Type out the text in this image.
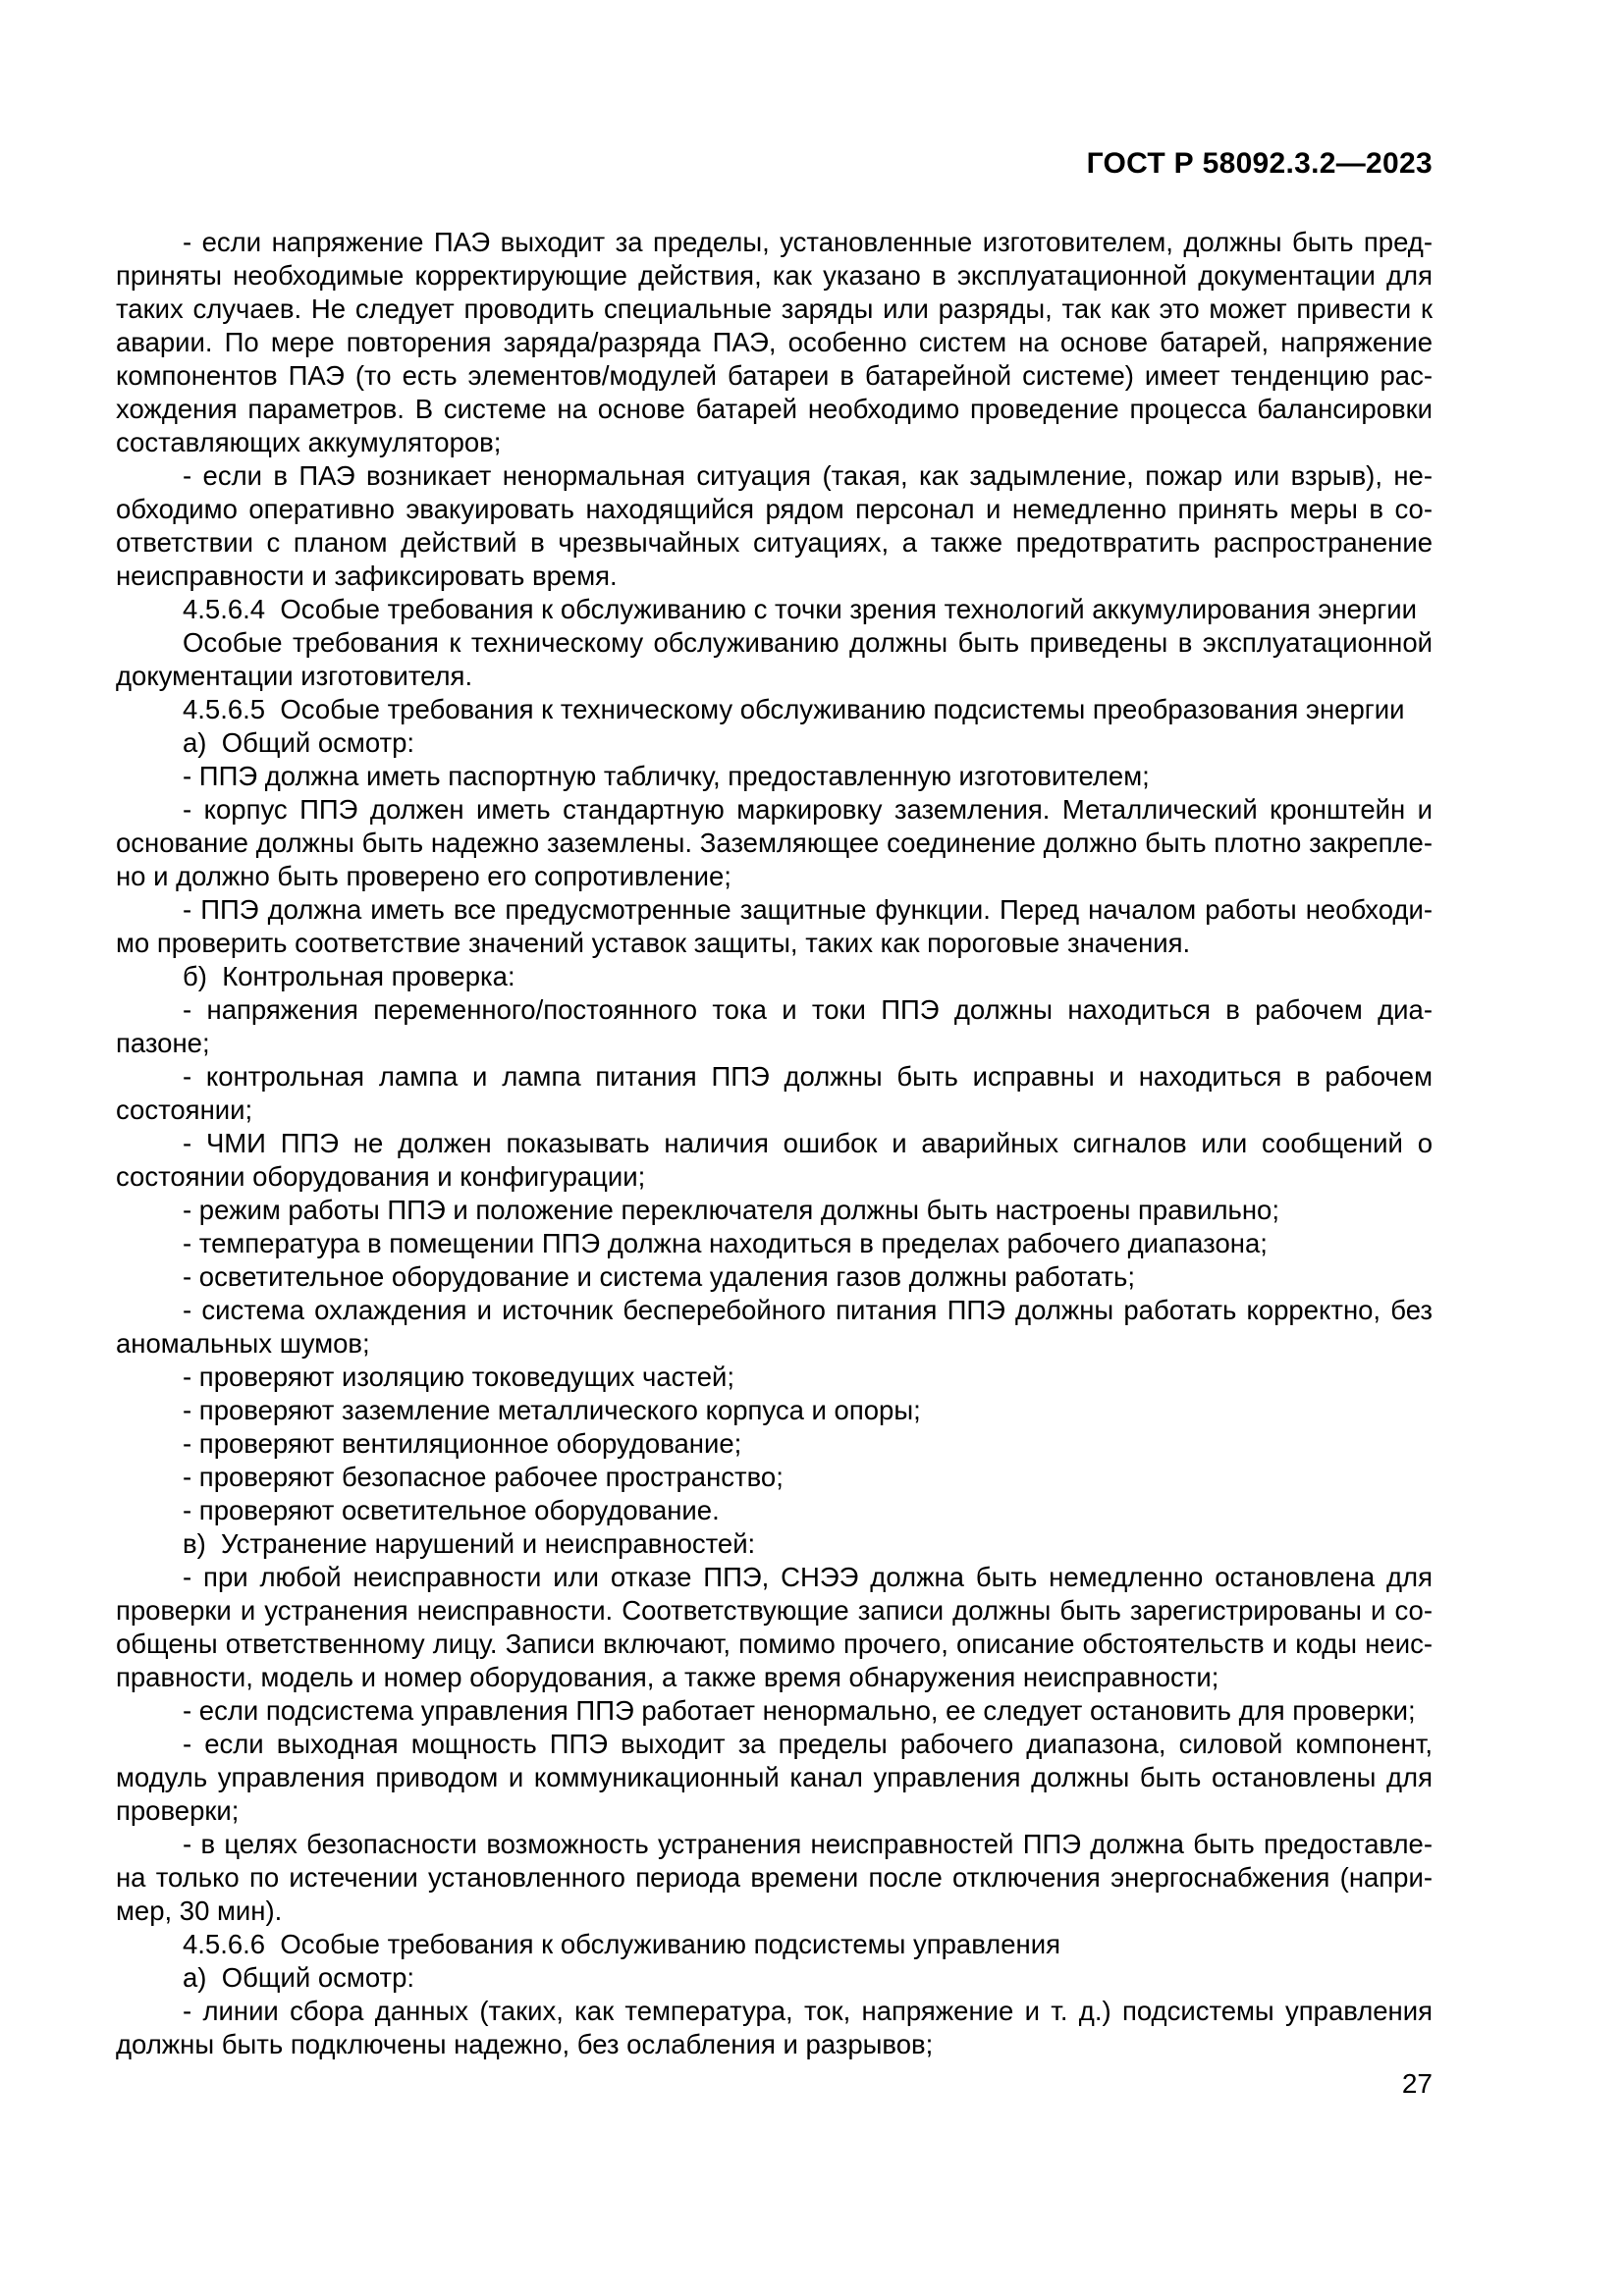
ГОСТ Р 58092.3.2—2023
- если напряжение ПАЭ выходит за пределы, установленные изготовителем, должны быть пред-
приняты необходимые корректирующие действия, как указано в эксплуатационной документации для
таких случаев. Не следует проводить специальные заряды или разряды, так как это может привести к
аварии. По мере повторения заряда/разряда ПАЭ, особенно систем на основе батарей, напряжение
компонентов ПАЭ (то есть элементов/модулей батареи в батарейной системе) имеет тенденцию рас-
хождения параметров. В системе на основе батарей необходимо проведение процесса балансировки
составляющих аккумуляторов;
- если в ПАЭ возникает ненормальная ситуация (такая, как задымление, пожар или взрыв), не-
обходимо оперативно эвакуировать находящийся рядом персонал и немедленно принять меры в со-
ответствии с планом действий в чрезвычайных ситуациях, а также предотвратить распространение
неисправности и зафиксировать время.
4.5.6.4  Особые требования к обслуживанию с точки зрения технологий аккумулирования энергии
Особые требования к техническому обслуживанию должны быть приведены в эксплуатационной
документации изготовителя.
4.5.6.5  Особые требования к техническому обслуживанию подсистемы преобразования энергии
а)  Общий осмотр:
- ППЭ должна иметь паспортную табличку, предоставленную изготовителем;
- корпус ППЭ должен иметь стандартную маркировку заземления. Металлический кронштейн и
основание должны быть надежно заземлены. Заземляющее соединение должно быть плотно закрепле-
но и должно быть проверено его сопротивление;
- ППЭ должна иметь все предусмотренные защитные функции. Перед началом работы необходи-
мо проверить соответствие значений уставок защиты, таких как пороговые значения.
б)  Контрольная проверка:
- напряжения переменного/постоянного тока и токи ППЭ должны находиться в рабочем диа-
пазоне;
- контрольная лампа и лампа питания ППЭ должны быть исправны и находиться в рабочем
состоянии;
- ЧМИ ППЭ не должен показывать наличия ошибок и аварийных сигналов или сообщений о
состоянии оборудования и конфигурации;
- режим работы ППЭ и положение переключателя должны быть настроены правильно;
- температура в помещении ППЭ должна находиться в пределах рабочего диапазона;
- осветительное оборудование и система удаления газов должны работать;
- система охлаждения и источник бесперебойного питания ППЭ должны работать корректно, без
аномальных шумов;
- проверяют изоляцию токоведущих частей;
- проверяют заземление металлического корпуса и опоры;
- проверяют вентиляционное оборудование;
- проверяют безопасное рабочее пространство;
- проверяют осветительное оборудование.
в)  Устранение нарушений и неисправностей:
- при любой неисправности или отказе ППЭ, СНЭЭ должна быть немедленно остановлена для
проверки и устранения неисправности. Соответствующие записи должны быть зарегистрированы и со-
общены ответственному лицу. Записи включают, помимо прочего, описание обстоятельств и коды неис-
правности, модель и номер оборудования, а также время обнаружения неисправности;
- если подсистема управления ППЭ работает ненормально, ее следует остановить для проверки;
- если выходная мощность ППЭ выходит за пределы рабочего диапазона, силовой компонент,
модуль управления приводом и коммуникационный канал управления должны быть остановлены для
проверки;
- в целях безопасности возможность устранения неисправностей ППЭ должна быть предоставле-
на только по истечении установленного периода времени после отключения энергоснабжения (напри-
мер, 30 мин).
4.5.6.6  Особые требования к обслуживанию подсистемы управления
а)  Общий осмотр:
- линии сбора данных (таких, как температура, ток, напряжение и т. д.) подсистемы управления
должны быть подключены надежно, без ослабления и разрывов;
27
